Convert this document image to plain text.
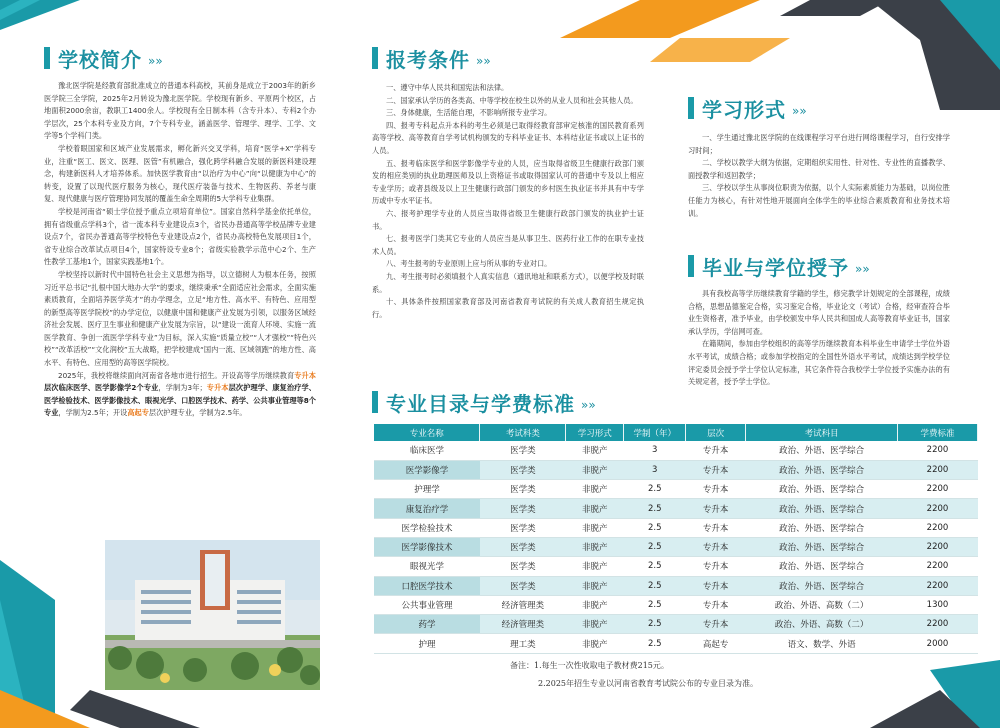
学校简介 »»

豫北医学院是经教育部批准成立的普通本科高校，其前身是成立于2003年的新乡医学院三全学院，2025年2月转设为豫北医学院。学校现有新乡、平原两个校区，占地面积2000余亩，教职工1400余人。学校现有全日制本科（含专升本）、专科2个办学层次，25个本科专业及方向，7个专科专业，涵盖医学、管理学、理学、工学、文学等5个学科门类。

学校着眼国家和区域产业发展需求，孵化新兴交叉学科，培育“医学+X”学科专业，注重“医工、医文、医理、医管”有机融合，强化跨学科融合发展的新医科建设理念，构建新医科人才培养体系。加快医学教育由“以治疗为中心”向“以健康为中心”的转变，设置了以现代医疗服务为核心，现代医疗装备与技术、生物医药、养老与康复、现代健康与医疗管理协同发展的覆盖生命全周期的5大学科专业集群。

学校是河南省“硕士学位授予重点立项培育单位”。国家自然科学基金依托单位，拥有省级重点学科3个，省一流本科专业建设点3个，省民办普通高等学校品牌专业建设点7个，省民办普通高等学校特色专业建设点2个，省民办高校特色发展项目1个，省专业综合改革试点项目4个，国家特设专业8个；省级实验教学示范中心2个、生产性教学工基地1个，国家实践基地1个。

学校坚持以新时代中国特色社会主义思想为指导，以立德树人为根本任务，按照习近平总书记“扎根中国大地办大学”的要求，继续秉承“全面适应社会需求，全面实施素质教育，全面培养医学英才”的办学理念，立足“地方性、高水平、有特色、应用型的新型高等医学院校”的办学定位，以健康中国和健康产业发展为引领，以服务区域经济社会发展、医疗卫生事业和健康产业发展为宗旨，以“建设一流育人环境、实施一流医学教育、争创一流医学学科专业”为目标，深入实施“质量立校”“人才强校”“特色兴校”“改革活校”“文化润校”五大战略，把学校建成“国内一流、区域领跑”的地方性、高水平、有特色、应用型的高等医学院校。

2025年，我校将继续面向河南省各地市进行招生。开设高等学历继续教育专升本层次临床医学、医学影像学2个专业，学制为3年；专升本层次护理学、康复治疗学、医学检验技术、医学影像技术、眼视光学、口腔医学技术、药学、公共事业管理等8个专业，学制为2.5年；开设高起专层次护理专业，学制为2.5年。

报考条件 »»

一、遵守中华人民共和国宪法和法律。

二、国家承认学历的各类高、中等学校在校生以外的从业人员和社会其他人员。

三、身体健康，生活能自理，不影响所报专业学习。

四、报考专科起点升本科的考生必须是已取得经教育部审定核准的国民教育系列高等学校、高等教育自学考试机构颁发的专科毕业证书、本科结业证书或以上证书的人员。

五、报考临床医学和医学影像学专业的人员，应当取得省级卫生健康行政部门颁发的相应类别的执业助理医师及以上资格证书或取得国家认可的普通中专及以上相应专业学历；或者县级及以上卫生健康行政部门颁发的乡村医生执业证书并具有中专学历或中专水平证书。

六、报考护理学专业的人员应当取得省级卫生健康行政部门颁发的执业护士证书。

七、报考医学门类其它专业的人员应当是从事卫生、医药行业工作的在职专业技术人员。

八、考生报考的专业原则上应与所从事的专业对口。

九、考生报考时必须填报个人真实信息（通讯地址和联系方式），以便学校及时联系。

十、具体条件按照国家教育部及河南省教育考试院的有关成人教育招生规定执行。

学习形式 »»

一、学生通过豫北医学院的在线课程学习平台进行网络课程学习，自行安排学习时间；

二、学校以教学大纲为依据，定期组织实用性、针对性、专业性的直播教学、面授教学和返回教学；

三、学校以学生从事岗位职责为依据，以个人实际素质能力为基础，以岗位胜任能力为核心，有针对性地开展面向全体学生的毕业综合素质教育和业务技术培训。

毕业与学位授予 »»

具有我校高等学历继续教育学籍的学生，修完教学计划规定的全部课程，成绩合格，思想品德鉴定合格，实习鉴定合格，毕业论文（考试）合格，经审查符合毕业生资格者，准予毕业，由学校颁发中华人民共和国成人高等教育毕业证书，国家承认学历，学信网可查。

在籍期间，参加由学校组织的高等学历继续教育本科毕业生申请学士学位外语水平考试，成绩合格；或参加学校指定的全国性外语水平考试，成绩达到学校学位评定委员会授予学士学位认定标准，其它条件符合我校学士学位授予实施办法的有关规定者，授予学士学位。

专业目录与学费标准 »»
专业名称	考试科类	学习形式	学制（年）	层次	考试科目	学费标准
临床医学	医学类	非脱产	3	专升本	政治、外语、医学综合	2200
医学影像学	医学类	非脱产	3	专升本	政治、外语、医学综合	2200
护理学	医学类	非脱产	2.5	专升本	政治、外语、医学综合	2200
康复治疗学	医学类	非脱产	2.5	专升本	政治、外语、医学综合	2200
医学检验技术	医学类	非脱产	2.5	专升本	政治、外语、医学综合	2200
医学影像技术	医学类	非脱产	2.5	专升本	政治、外语、医学综合	2200
眼视光学	医学类	非脱产	2.5	专升本	政治、外语、医学综合	2200
口腔医学技术	医学类	非脱产	2.5	专升本	政治、外语、医学综合	2200
公共事业管理	经济管理类	非脱产	2.5	专升本	政治、外语、高数（二）	1300
药学	经济管理类	非脱产	2.5	专升本	政治、外语、高数（二）	2200
护理	理工类	非脱产	2.5	高起专	语文、数学、外语	2000
备注：1.每生一次性收取电子教材费215元。
2.2025年招生专业以河南省教育考试院公布的专业目录为准。
